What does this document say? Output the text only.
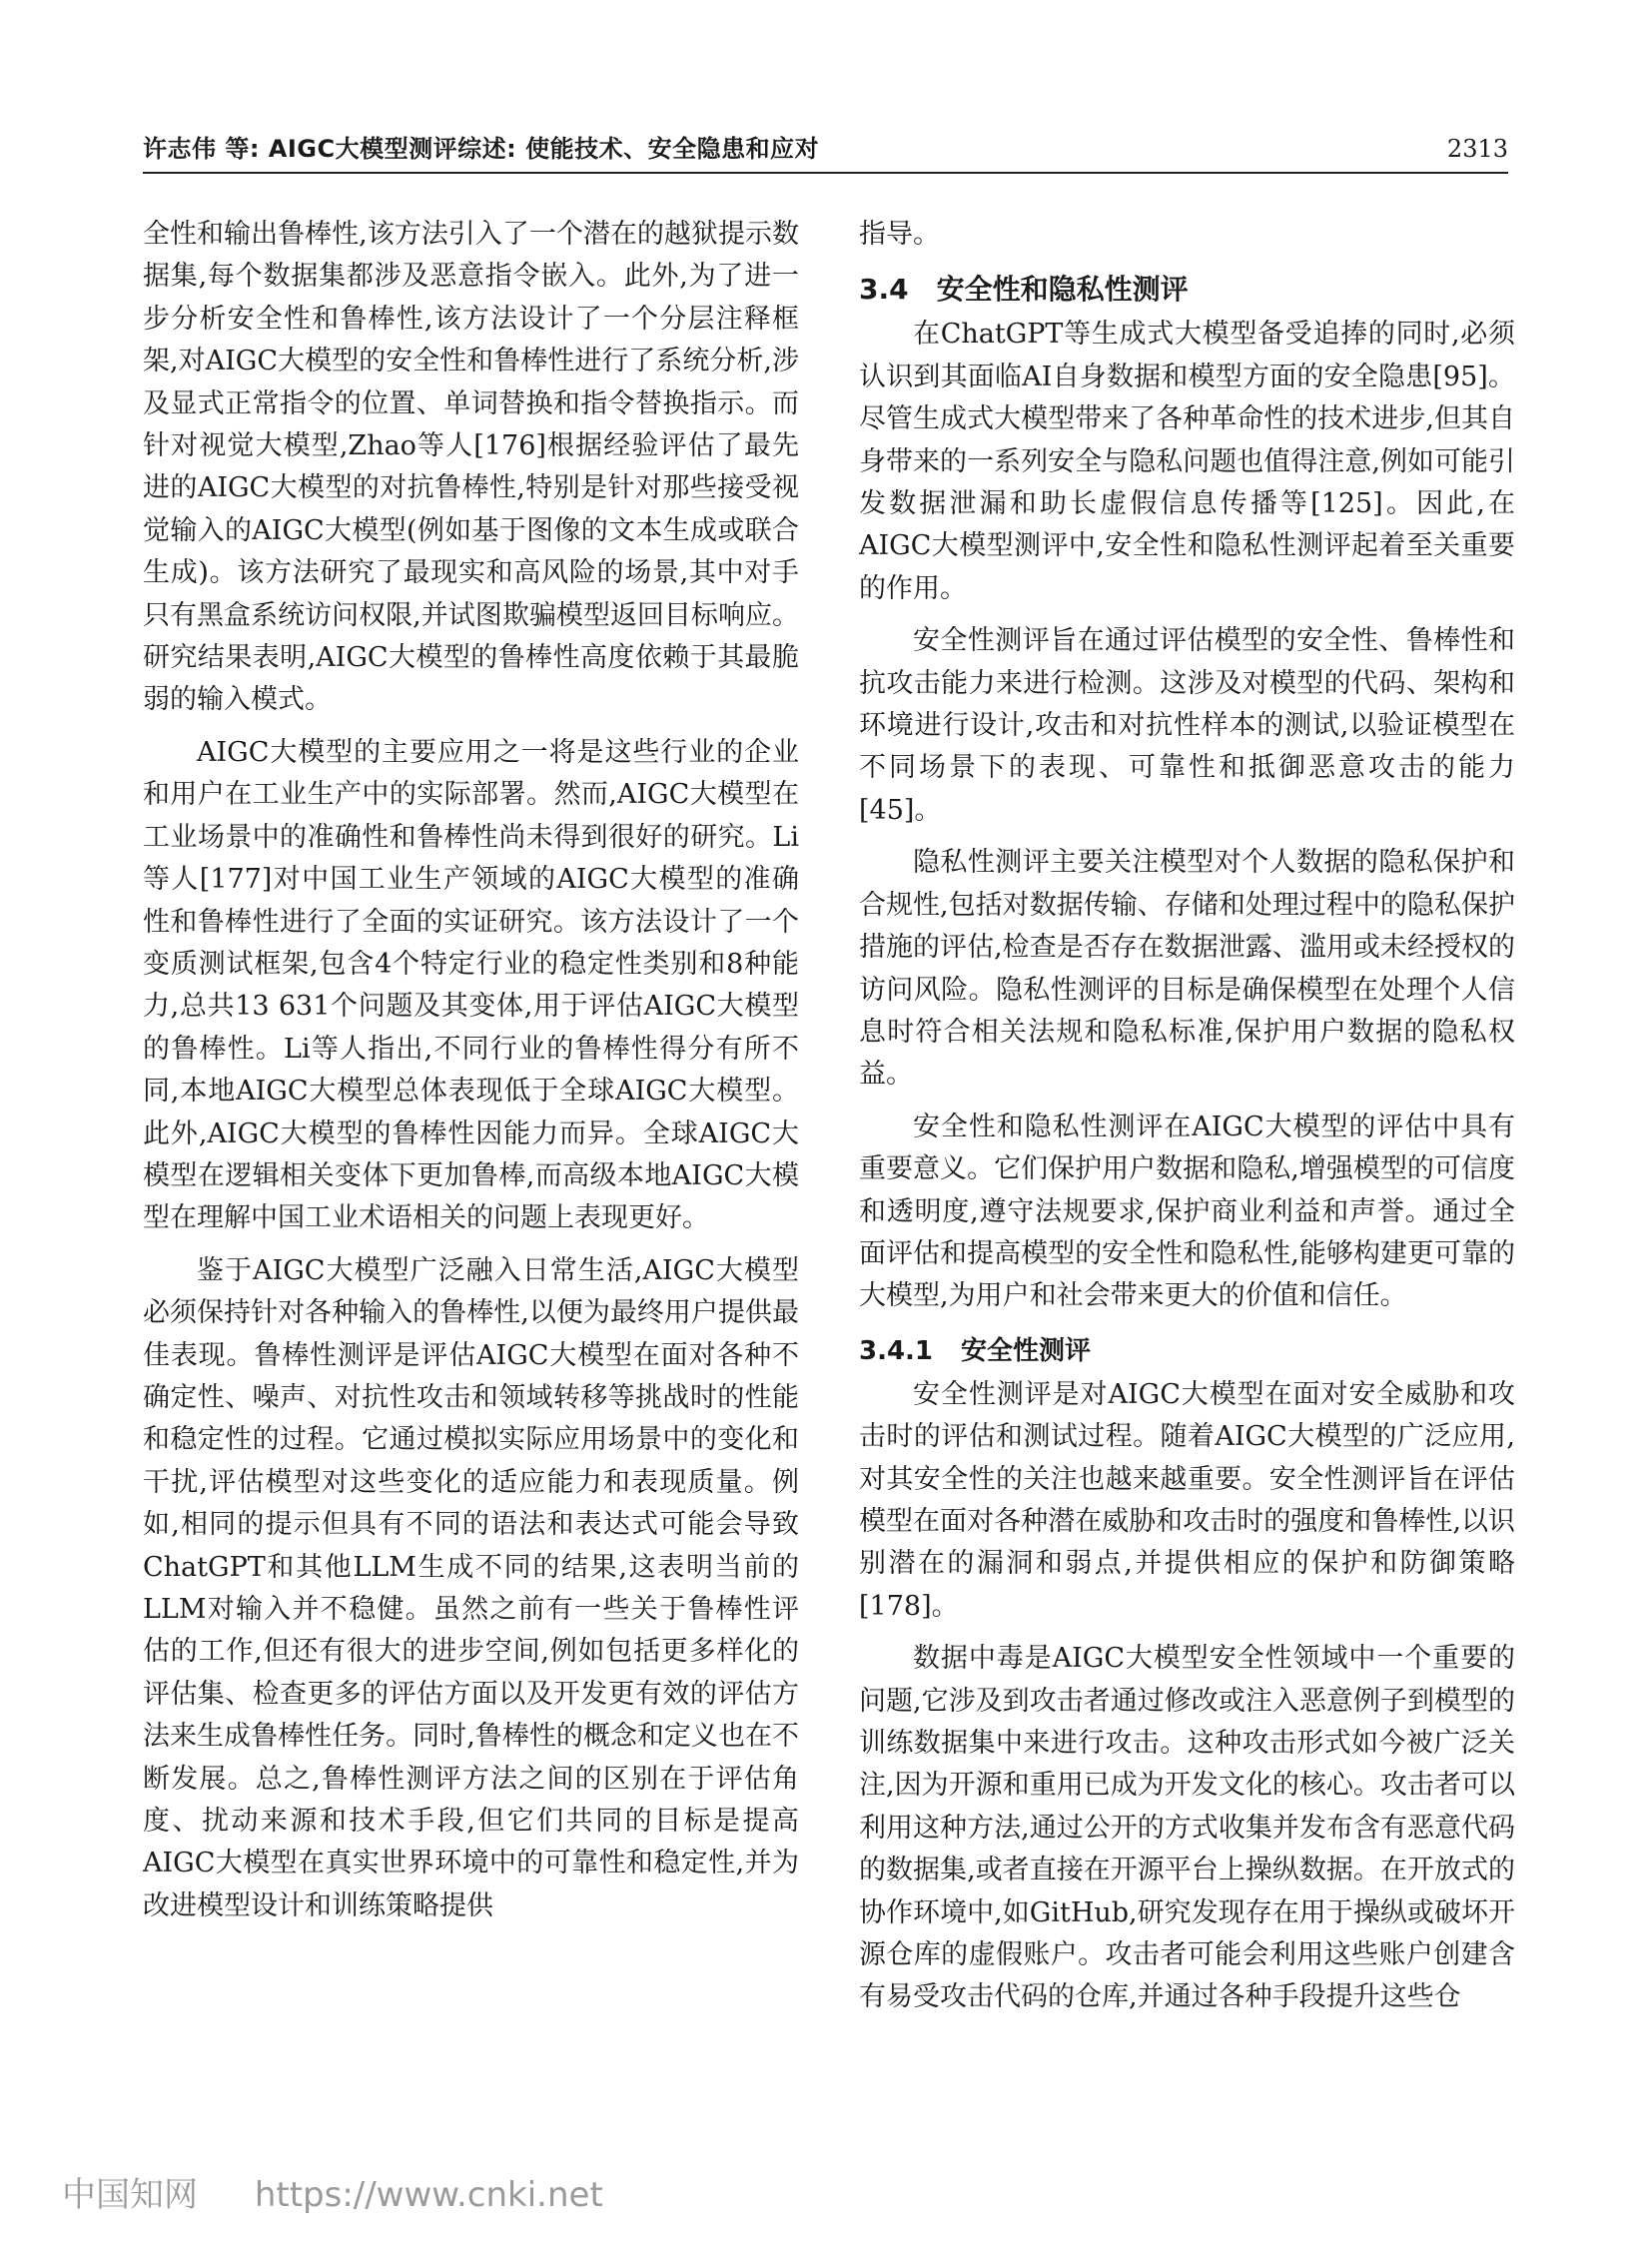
许志伟 等: AIGC大模型测评综述: 使能技术、安全隐患和应对	2313

全性和输出鲁棒性,该方法引入了一个潜在的越狱提示数据集,每个数据集都涉及恶意指令嵌入。此外,为了进一步分析安全性和鲁棒性,该方法设计了一个分层注释框架,对AIGC大模型的安全性和鲁棒性进行了系统分析,涉及显式正常指令的位置、单词替换和指令替换指示。而针对视觉大模型,Zhao等人[176]根据经验评估了最先进的AIGC大模型的对抗鲁棒性,特别是针对那些接受视觉输入的AIGC大模型(例如基于图像的文本生成或联合生成)。该方法研究了最现实和高风险的场景,其中对手只有黑盒系统访问权限,并试图欺骗模型返回目标响应。研究结果表明,AIGC大模型的鲁棒性高度依赖于其最脆弱的输入模式。

AIGC大模型的主要应用之一将是这些行业的企业和用户在工业生产中的实际部署。然而,AIGC大模型在工业场景中的准确性和鲁棒性尚未得到很好的研究。Li等人[177]对中国工业生产领域的AIGC大模型的准确性和鲁棒性进行了全面的实证研究。该方法设计了一个变质测试框架,包含4个特定行业的稳定性类别和8种能力,总共13 631个问题及其变体,用于评估AIGC大模型的鲁棒性。Li等人指出,不同行业的鲁棒性得分有所不同,本地AIGC大模型总体表现低于全球AIGC大模型。此外,AIGC大模型的鲁棒性因能力而异。全球AIGC大模型在逻辑相关变体下更加鲁棒,而高级本地AIGC大模型在理解中国工业术语相关的问题上表现更好。

鉴于AIGC大模型广泛融入日常生活,AIGC大模型必须保持针对各种输入的鲁棒性,以便为最终用户提供最佳表现。鲁棒性测评是评估AIGC大模型在面对各种不确定性、噪声、对抗性攻击和领域转移等挑战时的性能和稳定性的过程。它通过模拟实际应用场景中的变化和干扰,评估模型对这些变化的适应能力和表现质量。例如,相同的提示但具有不同的语法和表达式可能会导致ChatGPT和其他LLM生成不同的结果,这表明当前的LLM对输入并不稳健。虽然之前有一些关于鲁棒性评估的工作,但还有很大的进步空间,例如包括更多样化的评估集、检查更多的评估方面以及开发更有效的评估方法来生成鲁棒性任务。同时,鲁棒性的概念和定义也在不断发展。总之,鲁棒性测评方法之间的区别在于评估角度、扰动来源和技术手段,但它们共同的目标是提高AIGC大模型在真实世界环境中的可靠性和稳定性,并为改进模型设计和训练策略提供

指导。

3.4 安全性和隐私性测评

在ChatGPT等生成式大模型备受追捧的同时,必须认识到其面临AI自身数据和模型方面的安全隐患[95]。尽管生成式大模型带来了各种革命性的技术进步,但其自身带来的一系列安全与隐私问题也值得注意,例如可能引发数据泄漏和助长虚假信息传播等[125]。因此,在AIGC大模型测评中,安全性和隐私性测评起着至关重要的作用。

安全性测评旨在通过评估模型的安全性、鲁棒性和抗攻击能力来进行检测。这涉及对模型的代码、架构和环境进行设计,攻击和对抗性样本的测试,以验证模型在不同场景下的表现、可靠性和抵御恶意攻击的能力[45]。

隐私性测评主要关注模型对个人数据的隐私保护和合规性,包括对数据传输、存储和处理过程中的隐私保护措施的评估,检查是否存在数据泄露、滥用或未经授权的访问风险。隐私性测评的目标是确保模型在处理个人信息时符合相关法规和隐私标准,保护用户数据的隐私权益。

安全性和隐私性测评在AIGC大模型的评估中具有重要意义。它们保护用户数据和隐私,增强模型的可信度和透明度,遵守法规要求,保护商业利益和声誉。通过全面评估和提高模型的安全性和隐私性,能够构建更可靠的大模型,为用户和社会带来更大的价值和信任。

3.4.1 安全性测评

安全性测评是对AIGC大模型在面对安全威胁和攻击时的评估和测试过程。随着AIGC大模型的广泛应用,对其安全性的关注也越来越重要。安全性测评旨在评估模型在面对各种潜在威胁和攻击时的强度和鲁棒性,以识别潜在的漏洞和弱点,并提供相应的保护和防御策略[178]。

数据中毒是AIGC大模型安全性领域中一个重要的问题,它涉及到攻击者通过修改或注入恶意例子到模型的训练数据集中来进行攻击。这种攻击形式如今被广泛关注,因为开源和重用已成为开发文化的核心。攻击者可以利用这种方法,通过公开的方式收集并发布含有恶意代码的数据集,或者直接在开源平台上操纵数据。在开放式的协作环境中,如GitHub,研究发现存在用于操纵或破坏开源仓库的虚假账户。攻击者可能会利用这些账户创建含有易受攻击代码的仓库,并通过各种手段提升这些仓

中国知网 https://www.cnki.net
